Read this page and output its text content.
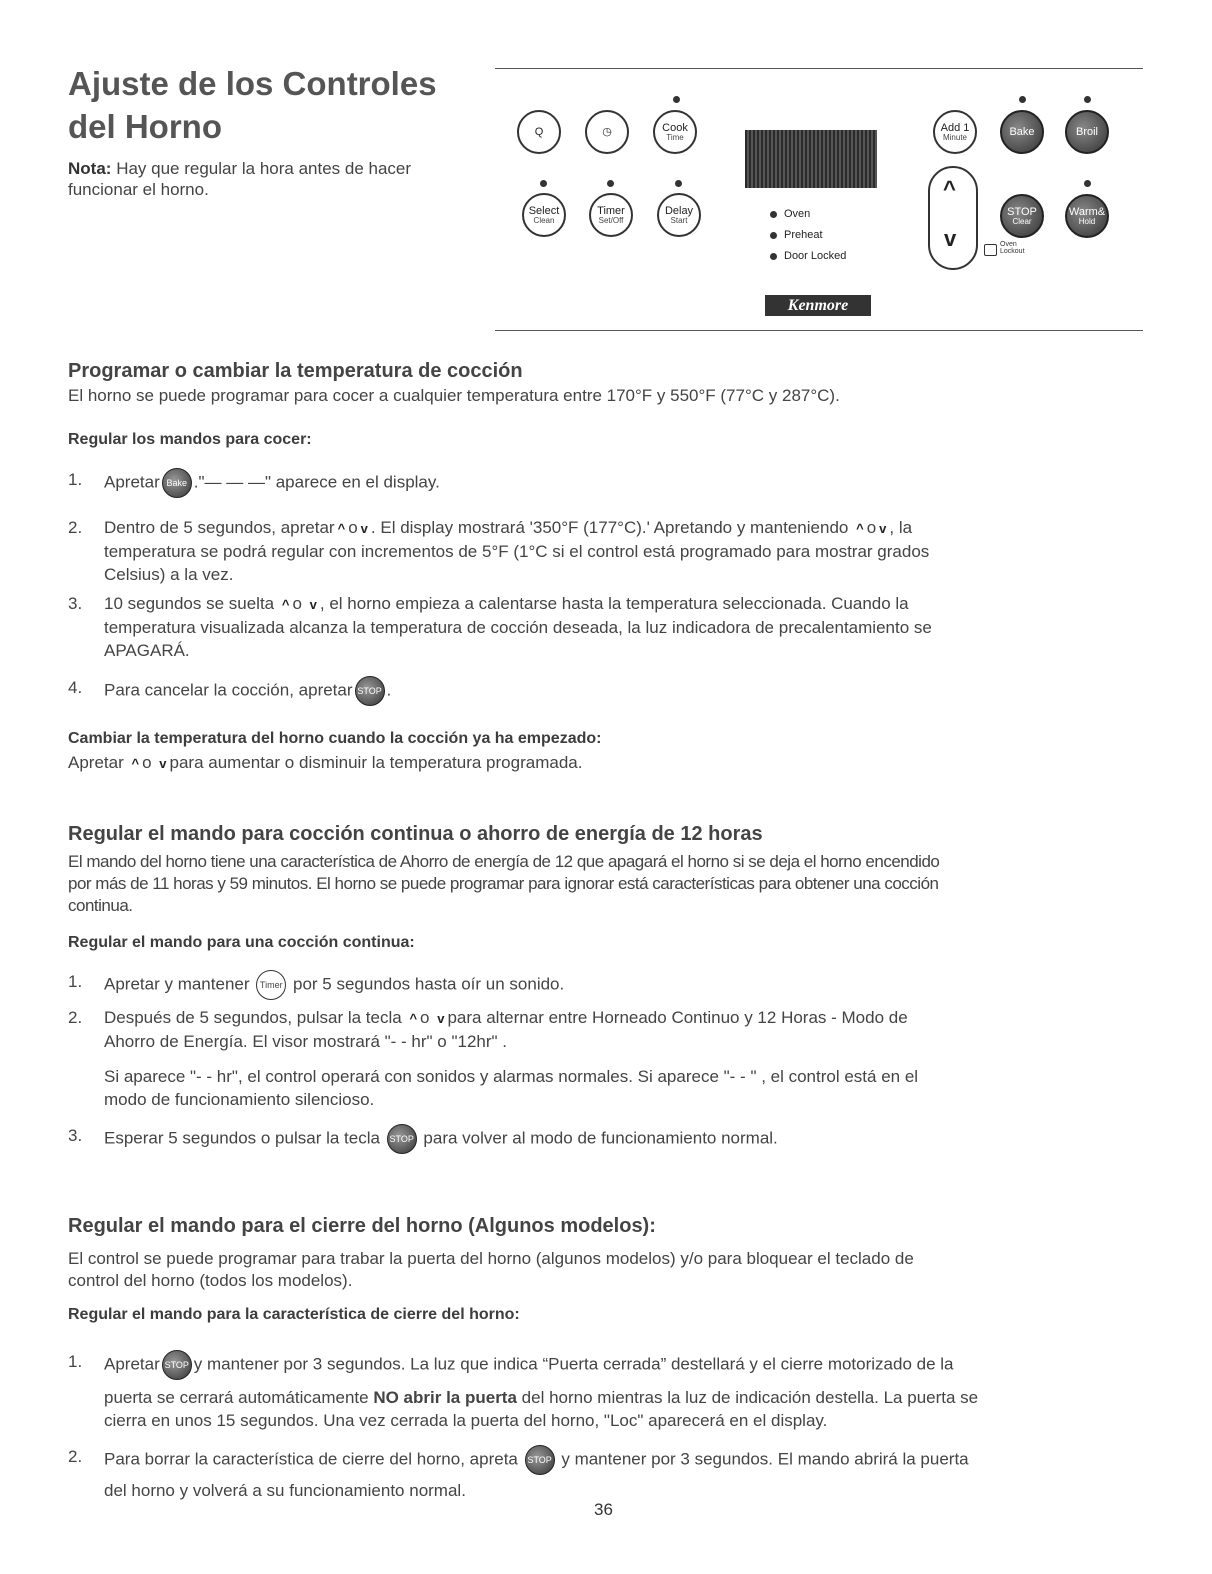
Ajuste de los Controles
del Horno
Nota: Hay que regular la hora antes de hacer funcionar el horno.
Q	◷	Cook
Time
Select
Clean
Timer
Set/Off
Delay
Start	Oven
Preheat
Door Locked
Add 1
Minute	Bake	Broil
^
v
STOP
Clear
Warm&
Hold
Oven
Lockout
Kenmore
Programar o cambiar la temperatura de cocción
El horno se puede programar para cocer a cualquier temperatura entre 170°F y 550°F (77°C y 287°C).
Regular los mandos para cocer:
1. Apretar Bake ."— — —" aparece en el display.
2. Dentro de 5 segundos, apretar ^ o v . El display mostrará '350°F (177°C).' Apretando y manteniendo ^ o v , la
temperatura se podrá regular con incrementos de 5°F (1°C si el control está programado para mostrar grados
Celsius) a la vez.
3. 10 segundos se suelta ^ o v , el horno empieza a calentarse hasta la temperatura seleccionada. Cuando la
temperatura visualizada alcanza la temperatura de cocción deseada, la luz indicadora de precalentamiento se
APAGARÁ.
4. Para cancelar la cocción, apretar STOP .
Cambiar la temperatura del horno cuando la cocción ya ha empezado:
Apretar ^ o v para aumentar o disminuir la temperatura programada.
Regular el mando para cocción continua o ahorro de energía de 12 horas
El mando del horno tiene una característica de Ahorro de energía de 12 que apagará el horno si se deja el horno encendido
por más de 11 horas y 59 minutos. El horno se puede programar para ignorar está características para obtener una cocción
continua.
Regular el mando para una cocción continua:
1. Apretar y mantener Timer por 5 segundos hasta oír un sonido.
2. Después de 5 segundos, pulsar la tecla ^ o v para alternar entre Horneado Continuo y 12 Horas - Modo de
Ahorro de Energía. El visor mostrará "- - hr" o "12hr" .
Si aparece "- - hr", el control operará con sonidos y alarmas normales. Si aparece "- - " , el control está en el
modo de funcionamiento silencioso.
3. Esperar 5 segundos o pulsar la tecla STOP para volver al modo de funcionamiento normal.
Regular el mando para el cierre del horno (Algunos modelos):
El control se puede programar para trabar la puerta del horno (algunos modelos) y/o para bloquear el teclado de
control del horno (todos los modelos).
Regular el mando para la característica de cierre del horno:
1. Apretar STOP y mantener por 3 segundos. La luz que indica “Puerta cerrada” destellará y el cierre motorizado de la
puerta se cerrará automáticamente NO abrir la puerta del horno mientras la luz de indicación destella. La puerta se
cierra en unos 15 segundos. Una vez cerrada la puerta del horno, "Loc" aparecerá en el display.
2. Para borrar la característica de cierre del horno, apreta STOP y mantener por 3 segundos. El mando abrirá la puerta
del horno y volverá a su funcionamiento normal.
36
